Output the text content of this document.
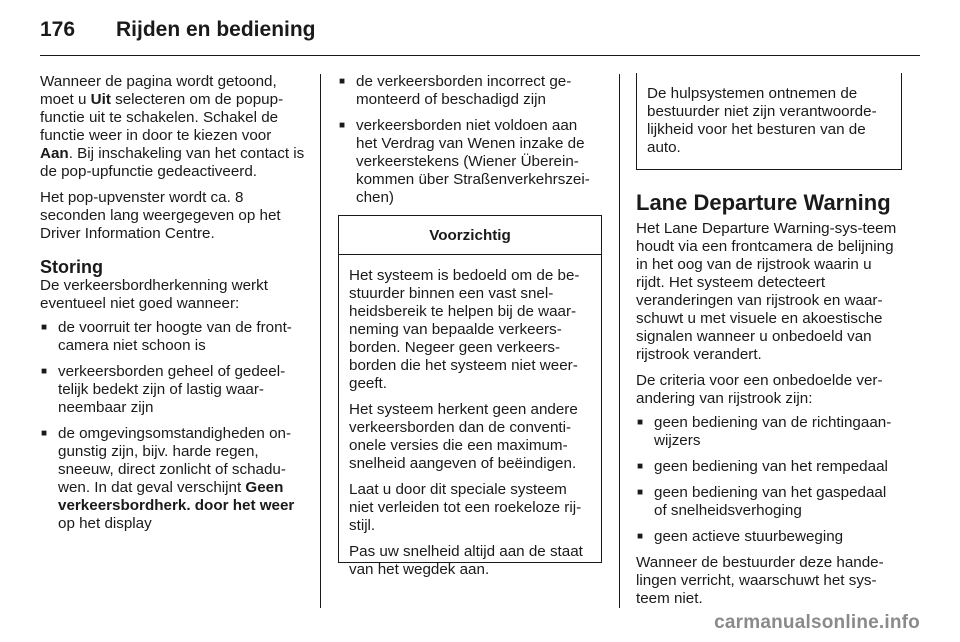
176	Rijden en bediening

Wanneer de pagina wordt getoond, moet u Uit selecteren om de popup-functie uit te schakelen. Schakel de functie weer in door te kiezen voor Aan. Bij inschakeling van het contact is de pop-upfunctie gedeactiveerd.

Het pop-upvenster wordt ca. 8 seconden lang weergegeven op het Driver Information Centre.

Storing

De verkeersbordherkenning werkt eventueel niet goed wanneer:

■ de voorruit ter hoogte van de front-camera niet schoon is
■ verkeersborden geheel of gedeel-telijk bedekt zijn of lastig waar-neembaar zijn
■ de omgevingsomstandigheden on-gunstig zijn, bijv. harde regen, sneeuw, direct zonlicht of schadu-wen. In dat geval verschijnt Geen verkeersbordherk. door het weer op het display
■ de verkeersborden incorrect ge-monteerd of beschadigd zijn
■ verkeersborden niet voldoen aan het Verdrag van Wenen inzake de verkeerstekens (Wiener Überein-kommen über Straßenverkehrszei-chen)
Voorzichtig

Het systeem is bedoeld om de be-stuurder binnen een vast snel-heidsbereik te helpen bij de waar-neming van bepaalde verkeers-borden. Negeer geen verkeers-borden die het systeem niet weer-geeft.

Het systeem herkent geen andere verkeersborden dan de conventi-onele versies die een maximum-snelheid aangeven of beëindigen.

Laat u door dit speciale systeem niet verleiden tot een roekeloze rij-stijl.

Pas uw snelheid altijd aan de staat van het wegdek aan.

De hulpsystemen ontnemen de bestuurder niet zijn verantwoorde-lijkheid voor het besturen van de auto.
Lane Departure Warning

Het Lane Departure Warning-sys-teem houdt via een frontcamera de belijning in het oog van de rijstrook waarin u rijdt. Het systeem detecteert veranderingen van rijstrook en waar-schuwt u met visuele en akoestische signalen wanneer u onbedoeld van rijstrook verandert.

De criteria voor een onbedoelde ver-andering van rijstrook zijn:

■ geen bediening van de richtingaan-wijzers
■ geen bediening van het rempedaal
■ geen bediening van het gaspedaal of snelheidsverhoging
■ geen actieve stuurbeweging

Wanneer de bestuurder deze hande-lingen verricht, waarschuwt het sys-teem niet.

carmanualsonline.info
